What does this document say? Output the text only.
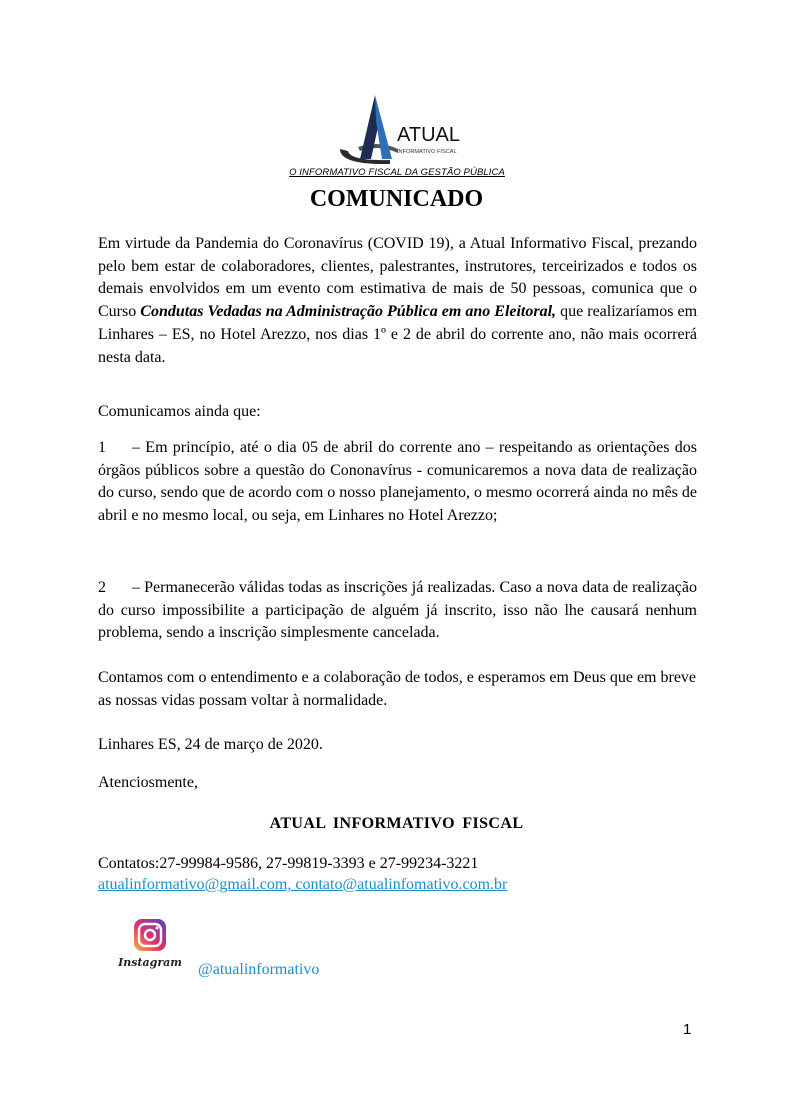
ATUAL
INFORMATIVO FISCAL
O INFORMATIVO FISCAL DA GESTÃO PÚBLICA
COMUNICADO

Em virtude da Pandemia do Coronavírus (COVID 19), a Atual Informativo Fiscal, prezando pelo bem estar de colaboradores, clientes, palestrantes, instrutores, terceirizados e todos os demais envolvidos em um evento com estimativa de mais de 50 pessoas, comunica que o Curso Condutas Vedadas na Administração Pública em ano Eleitoral, que realizaríamos em Linhares – ES, no Hotel Arezzo, nos dias 1º e 2 de abril do corrente ano, não mais ocorrerá nesta data.

Comunicamos ainda que:

1 – Em princípio, até o dia 05 de abril do corrente ano – respeitando as orientações dos órgãos públicos sobre a questão do Cononavírus - comunicaremos a nova data de realização do curso, sendo que de acordo com o nosso planejamento, o mesmo ocorrerá ainda no mês de abril e no mesmo local, ou seja, em Linhares no Hotel Arezzo;

2 – Permanecerão válidas todas as inscrições já realizadas. Caso a nova data de realização do curso impossibilite a participação de alguém já inscrito, isso não lhe causará nenhum problema, sendo a inscrição simplesmente cancelada.

Contamos com o entendimento e a colaboração de todos, e esperamos em Deus que em breve as nossas vidas possam voltar à normalidade.

Linhares ES, 24 de março de 2020.

Atenciosmente,

ATUAL INFORMATIVO FISCAL
Contatos:27-99984-9586, 27-99819-3393 e 27-99234-3221
atualinformativo@gmail.com, contato@atualinfomativo.com.br
Instagram @atualinformativo
1
